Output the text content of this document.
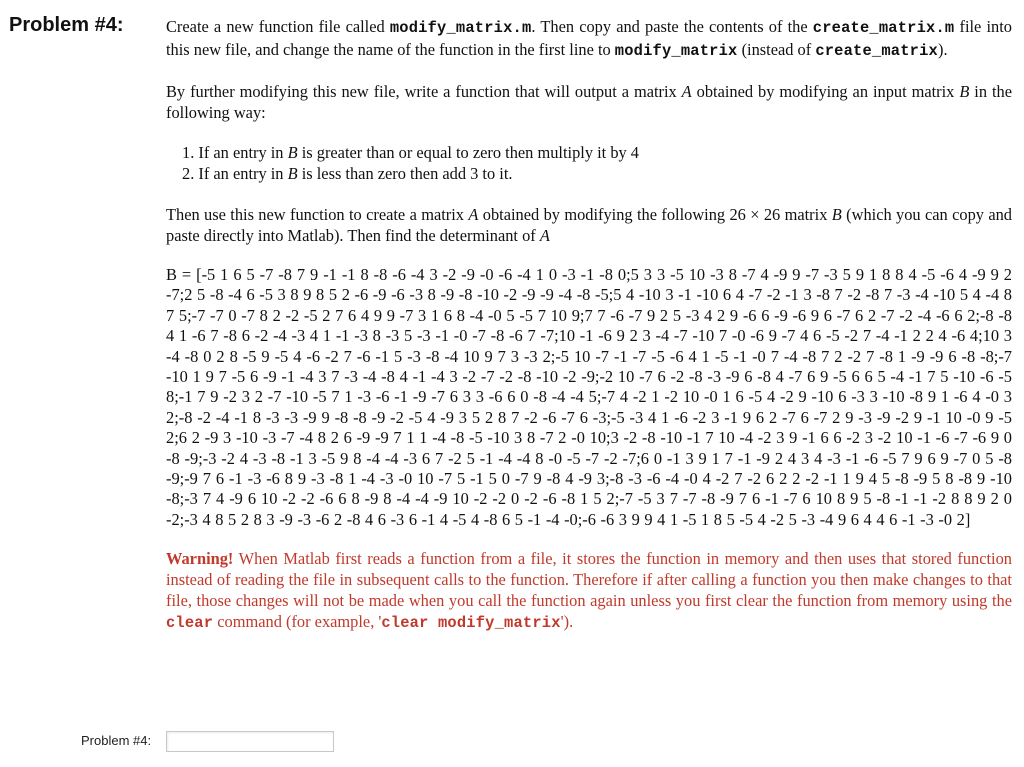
Problem #4:	Create a new function file called modify_matrix.m. Then copy and paste the contents of the create_matrix.m file into this new file, and change the name of the function in the first line to modify_matrix (instead of create_matrix).

By further modifying this new file, write a function that will output a matrix A obtained by modifying an input matrix B in the following way:

1. If an entry in B is greater than or equal to zero then multiply it by 4
2. If an entry in B is less than zero then add 3 to it.

Then use this new function to create a matrix A obtained by modifying the following 26 × 26 matrix B (which you can copy and paste directly into Matlab). Then find the determinant of A

B = [-5 1 6 5 -7 -8 7 9 -1 -1 8 -8 -6 -4 3 -2 -9 -0 -6 -4 1 0 -3 -1 -8 0;5 3 3 -5 10 -3 8 -7 4 -9 9 -7 -3 5 9 1 8 8 4 -5 -6 4 -9 9 2 -7;2 5 -8 -4 6 -5 3 8 9 8 5 2 -6 -9 -6 -3 8 -9 -8 -10 -2 -9 -9 -4 -8 -5;5 4 -10 3 -1 -10 6 4 -7 -2 -1 3 -8 7 -2 -8 7 -3 -4 -10 5 4 -4 8 7 5;-7 -7 0 -7 8 2 -2 -5 2 7 6 4 9 9 -7 3 1 6 8 -4 -0 5 -5 7 10 9;7 7 -6 -7 9 2 5 -3 4 2 9 -6 6 -9 -6 9 6 -7 6 2 -7 -2 -4 -6 6 2;-8 -8 4 1 -6 7 -8 6 -2 -4 -3 4 1 -1 -3 8 -3 5 -3 -1 -0 -7 -8 -6 7 -7;10 -1 -6 9 2 3 -4 -7 -10 7 -0 -6 9 -7 4 6 -5 -2 7 -4 -1 2 2 4 -6 4;10 3 -4 -8 0 2 8 -5 9 -5 4 -6 -2 7 -6 -1 5 -3 -8 -4 10 9 7 3 -3 2;-5 10 -7 -1 -7 -5 -6 4 1 -5 -1 -0 7 -4 -8 7 2 -2 7 -8 1 -9 -9 6 -8 -8;-7 -10 1 9 7 -5 6 -9 -1 -4 3 7 -3 -4 -8 4 -1 -4 3 -2 -7 -2 -8 -10 -2 -9;-2 10 -7 6 -2 -8 -3 -9 6 -8 4 -7 6 9 -5 6 6 5 -4 -1 7 5 -10 -6 -5 8;-1 7 9 -2 3 2 -7 -10 -5 7 1 -3 -6 -1 -9 -7 6 3 3 -6 6 0 -8 -4 -4 5;-7 4 -2 1 -2 10 -0 1 6 -5 4 -2 9 -10 6 -3 3 -10 -8 9 1 -6 4 -0 3 2;-8 -2 -4 -1 8 -3 -3 -9 9 -8 -8 -9 -2 -5 4 -9 3 5 2 8 7 -2 -6 -7 6 -3;-5 -3 4 1 -6 -2 3 -1 9 6 2 -7 6 -7 2 9 -3 -9 -2 9 -1 10 -0 9 -5 2;6 2 -9 3 -10 -3 -7 -4 8 2 6 -9 -9 7 1 1 -4 -8 -5 -10 3 8 -7 2 -0 10;3 -2 -8 -10 -1 7 10 -4 -2 3 9 -1 6 6 -2 3 -2 10 -1 -6 -7 -6 9 0 -8 -9;-3 -2 4 -3 -8 -1 3 -5 9 8 -4 -4 -3 6 7 -2 5 -1 -4 -4 8 -0 -5 -7 -2 -7;6 0 -1 3 9 1 7 -1 -9 2 4 3 4 -3 -1 -6 -5 7 9 6 9 -7 0 5 -8 -9;-9 7 6 -1 -3 -6 8 9 -3 -8 1 -4 -3 -0 10 -7 5 -1 5 0 -7 9 -8 4 -9 3;-8 -3 -6 -4 -0 4 -2 7 -2 6 2 2 -2 -1 1 9 4 5 -8 -9 5 8 -8 9 -10 -8;-3 7 4 -9 6 10 -2 -2 -6 6 8 -9 8 -4 -4 -9 10 -2 -2 0 -2 -6 -8 1 5 2;-7 -5 3 7 -7 -8 -9 7 6 -1 -7 6 10 8 9 5 -8 -1 -1 -2 8 8 9 2 0 -2;-3 4 8 5 2 8 3 -9 -3 -6 2 -8 4 6 -3 6 -1 4 -5 4 -8 6 5 -1 -4 -0;-6 -6 3 9 9 4 1 -5 1 8 5 -5 4 -2 5 -3 -4 9 6 4 4 6 -1 -3 -0 2]

Warning! When Matlab first reads a function from a file, it stores the function in memory and then uses that stored function instead of reading the file in subsequent calls to the function. Therefore if after calling a function you then make changes to that file, those changes will not be made when you call the function again unless you first clear the function from memory using the clear command (for example, 'clear modify_matrix').

Problem #4:
